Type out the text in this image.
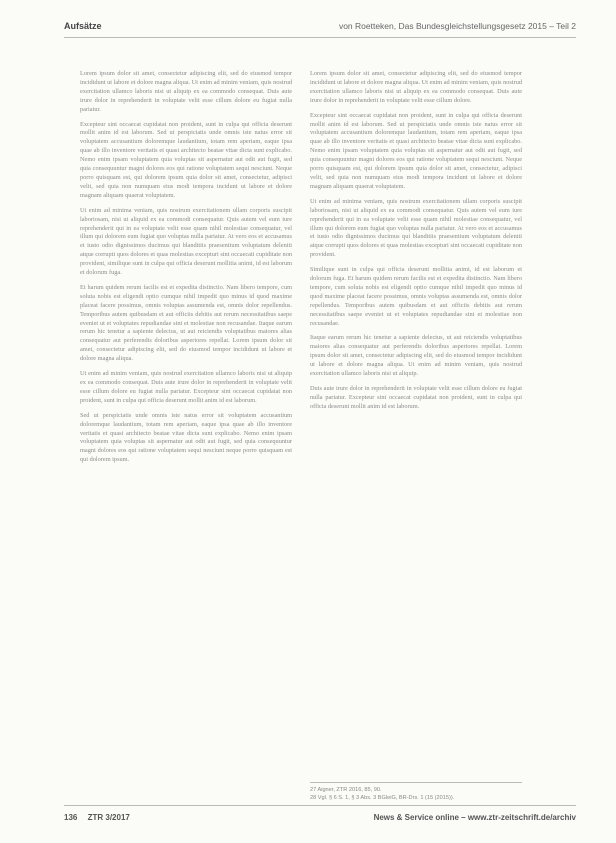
Aufsätze	von Roetteken, Das Bundesgleichstellungsgesetz 2015 – Teil 2

Lorem ipsum dolor sit amet, consectetur adipiscing elit, sed do eiusmod tempor incididunt ut labore et dolore magna aliqua. Ut enim ad minim veniam, quis nostrud exercitation ullamco laboris nisi ut aliquip ex ea commodo consequat. Duis aute irure dolor in reprehenderit in voluptate velit esse cillum dolore eu fugiat nulla pariatur.

Excepteur sint occaecat cupidatat non proident, sunt in culpa qui officia deserunt mollit anim id est laborum. Sed ut perspiciatis unde omnis iste natus error sit voluptatem accusantium doloremque laudantium, totam rem aperiam, eaque ipsa quae ab illo inventore veritatis et quasi architecto beatae vitae dicta sunt explicabo. Nemo enim ipsam voluptatem quia voluptas sit aspernatur aut odit aut fugit, sed quia consequuntur magni dolores eos qui ratione voluptatem sequi nesciunt. Neque porro quisquam est, qui dolorem ipsum quia dolor sit amet, consectetur, adipisci velit, sed quia non numquam eius modi tempora incidunt ut labore et dolore magnam aliquam quaerat voluptatem.

Ut enim ad minima veniam, quis nostrum exercitationem ullam corporis suscipit laboriosam, nisi ut aliquid ex ea commodi consequatur. Quis autem vel eum iure reprehenderit qui in ea voluptate velit esse quam nihil molestiae consequatur, vel illum qui dolorem eum fugiat quo voluptas nulla pariatur. At vero eos et accusamus et iusto odio dignissimos ducimus qui blanditiis praesentium voluptatum deleniti atque corrupti quos dolores et quas molestias excepturi sint occaecati cupiditate non provident, similique sunt in culpa qui officia deserunt mollitia animi, id est laborum et dolorum fuga.

Et harum quidem rerum facilis est et expedita distinctio. Nam libero tempore, cum soluta nobis est eligendi optio cumque nihil impedit quo minus id quod maxime placeat facere possimus, omnis voluptas assumenda est, omnis dolor repellendus. Temporibus autem quibusdam et aut officiis debitis aut rerum necessitatibus saepe eveniet ut et voluptates repudiandae sint et molestiae non recusandae. Itaque earum rerum hic tenetur a sapiente delectus, ut aut reiciendis voluptatibus maiores alias consequatur aut perferendis doloribus asperiores repellat. Lorem ipsum dolor sit amet, consectetur adipiscing elit, sed do eiusmod tempor incididunt ut labore et dolore magna aliqua.

Ut enim ad minim veniam, quis nostrud exercitation ullamco laboris nisi ut aliquip ex ea commodo consequat. Duis aute irure dolor in reprehenderit in voluptate velit esse cillum dolore eu fugiat nulla pariatur. Excepteur sint occaecat cupidatat non proident, sunt in culpa qui officia deserunt mollit anim id est laborum.

Sed ut perspiciatis unde omnis iste natus error sit voluptatem accusantium doloremque laudantium, totam rem aperiam, eaque ipsa quae ab illo inventore veritatis et quasi architecto beatae vitae dicta sunt explicabo. Nemo enim ipsam voluptatem quia voluptas sit aspernatur aut odit aut fugit, sed quia consequuntur magni dolores eos qui ratione voluptatem sequi nesciunt neque porro quisquam est qui dolorem ipsum.

Lorem ipsum dolor sit amet, consectetur adipiscing elit, sed do eiusmod tempor incididunt ut labore et dolore magna aliqua. Ut enim ad minim veniam, quis nostrud exercitation ullamco laboris nisi ut aliquip ex ea commodo consequat. Duis aute irure dolor in reprehenderit in voluptate velit esse cillum dolore.

Excepteur sint occaecat cupidatat non proident, sunt in culpa qui officia deserunt mollit anim id est laborum. Sed ut perspiciatis unde omnis iste natus error sit voluptatem accusantium doloremque laudantium, totam rem aperiam, eaque ipsa quae ab illo inventore veritatis et quasi architecto beatae vitae dicta sunt explicabo. Nemo enim ipsam voluptatem quia voluptas sit aspernatur aut odit aut fugit, sed quia consequuntur magni dolores eos qui ratione voluptatem sequi nesciunt. Neque porro quisquam est, qui dolorem ipsum quia dolor sit amet, consectetur, adipisci velit, sed quia non numquam eius modi tempora incidunt ut labore et dolore magnam aliquam quaerat voluptatem.

Ut enim ad minima veniam, quis nostrum exercitationem ullam corporis suscipit laboriosam, nisi ut aliquid ex ea commodi consequatur. Quis autem vel eum iure reprehenderit qui in ea voluptate velit esse quam nihil molestiae consequatur, vel illum qui dolorem eum fugiat quo voluptas nulla pariatur. At vero eos et accusamus et iusto odio dignissimos ducimus qui blanditiis praesentium voluptatum deleniti atque corrupti quos dolores et quas molestias excepturi sint occaecati cupiditate non provident.

Similique sunt in culpa qui officia deserunt mollitia animi, id est laborum et dolorum fuga. Et harum quidem rerum facilis est et expedita distinctio. Nam libero tempore, cum soluta nobis est eligendi optio cumque nihil impedit quo minus id quod maxime placeat facere possimus, omnis voluptas assumenda est, omnis dolor repellendus. Temporibus autem quibusdam et aut officiis debitis aut rerum necessitatibus saepe eveniet ut et voluptates repudiandae sint et molestiae non recusandae.

Itaque earum rerum hic tenetur a sapiente delectus, ut aut reiciendis voluptatibus maiores alias consequatur aut perferendis doloribus asperiores repellat. Lorem ipsum dolor sit amet, consectetur adipiscing elit, sed do eiusmod tempor incididunt ut labore et dolore magna aliqua. Ut enim ad minim veniam, quis nostrud exercitation ullamco laboris nisi ut aliquip.

Duis aute irure dolor in reprehenderit in voluptate velit esse cillum dolore eu fugiat nulla pariatur. Excepteur sint occaecat cupidatat non proident, sunt in culpa qui officia deserunt mollit anim id est laborum.

27 Aigner, ZTR 2016, 85, 90.
28 Vgl. § 6 S. 1, § 3 Abs. 3 BGleiG, BR-Drs. 1 (15 (2015)).
136 ZTR 3/2017	News & Service online – www.ztr-zeitschrift.de/archiv
